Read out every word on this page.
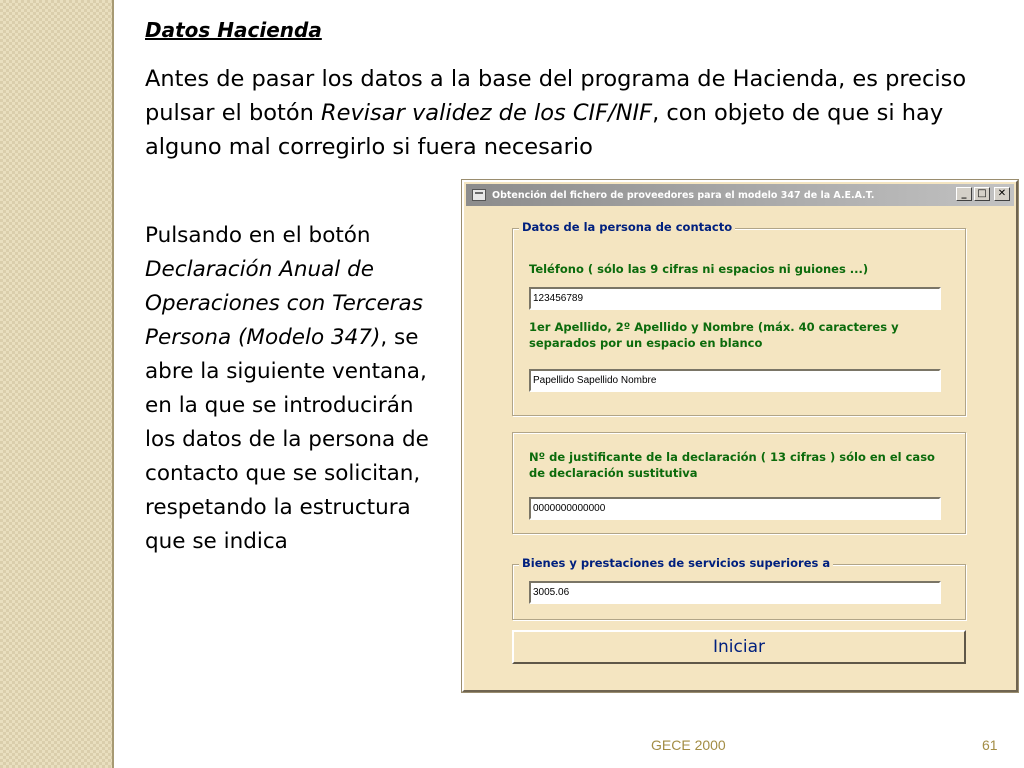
Datos Hacienda

Antes de pasar los datos a la base del programa de Hacienda, es preciso pulsar el botón Revisar validez de los CIF/NIF, con objeto de que si hay alguno mal corregirlo si fuera necesario

Pulsando en el botón Declaración Anual de Operaciones con Terceras Persona (Modelo 347), se abre la siguiente ventana, en la que se introducirán los datos de la persona de contacto que se solicitan, respetando la estructura que se indica

Obtención del fichero de proveedores para el modelo 347 de la A.E.A.T.	_	□	✕
Datos de la persona de contacto
Teléfono ( sólo las 9 cifras ni espacios ni guiones ...)
123456789
1er Apellido, 2º Apellido y Nombre (máx. 40 caracteres y separados por un espacio en blanco
Papellido Sapellido Nombre
Nº de justificante de la declaración ( 13 cifras ) sólo en el caso de declaración sustitutiva
0000000000000
Bienes y prestaciones de servicios superiores a
3005.06
Iniciar
GECE 2000	61
